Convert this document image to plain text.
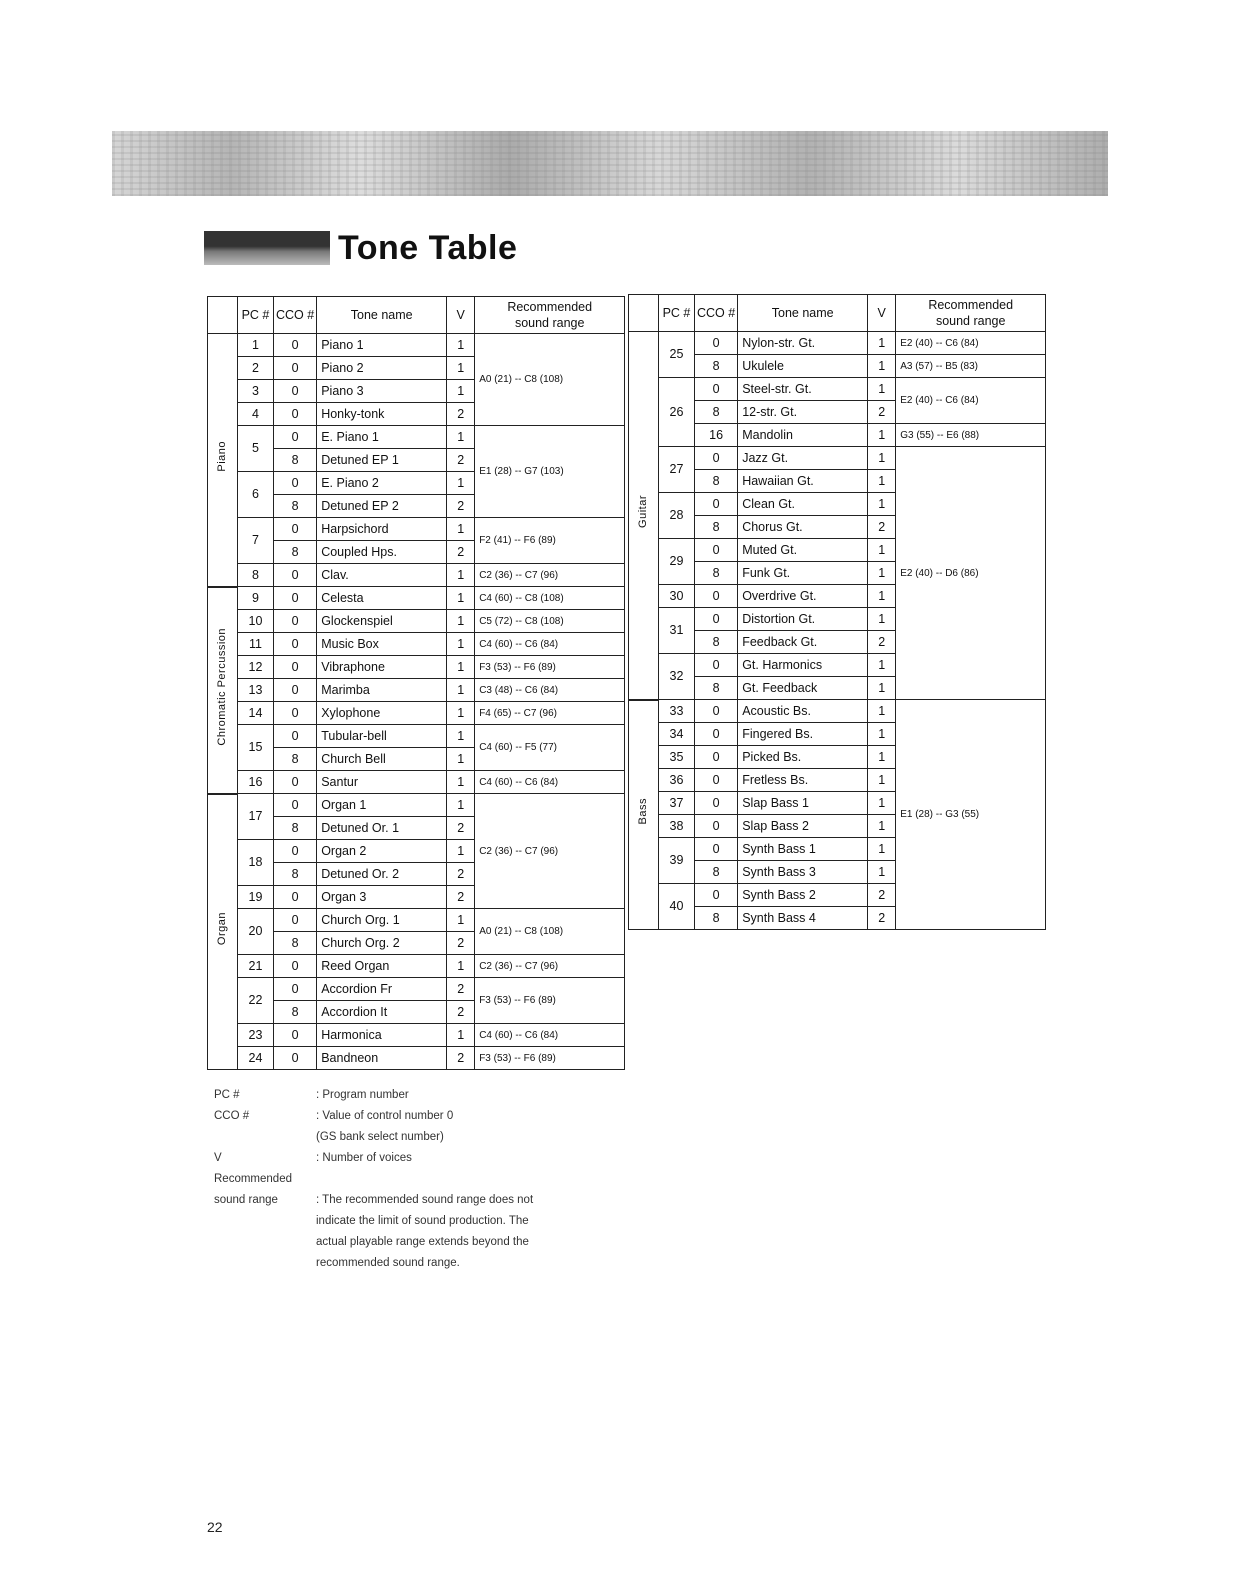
Tone Table
	PC #	CCO #	Tone name	V	Recommended
sound range

Piano	1	0	Piano 1	1	A0 (21) -- C8 (108)
	2	0	Piano 2	1	
	3	0	Piano 3	1	
	4	0	Honky-tonk	2	
	5	0	E. Piano 1	1	E1 (28) -- G7 (103)
		8	Detuned EP 1	2	
	6	0	E. Piano 2	1	
		8	Detuned EP 2	2	
	7	0	Harpsichord	1	F2 (41) -- F6 (89)
		8	Coupled Hps.	2	
	8	0	Clav.	1	C2 (36) -- C7 (96)
Chromatic Percussion	9	0	Celesta	1	C4 (60) -- C8 (108)
	10	0	Glockenspiel	1	C5 (72) -- C8 (108)
	11	0	Music Box	1	C4 (60) -- C6 (84)
	12	0	Vibraphone	1	F3 (53) -- F6 (89)
	13	0	Marimba	1	C3 (48) -- C6 (84)
	14	0	Xylophone	1	F4 (65) -- C7 (96)
	15	0	Tubular-bell	1	C4 (60) -- F5 (77)
		8	Church Bell	1	
	16	0	Santur	1	C4 (60) -- C6 (84)
Organ	17	0	Organ 1	1	C2 (36) -- C7 (96)
		8	Detuned Or. 1	2	
	18	0	Organ 2	1	
		8	Detuned Or. 2	2	
	19	0	Organ 3	2	
	20	0	Church Org. 1	1	A0 (21) -- C8 (108)
		8	Church Org. 2	2	
	21	0	Reed Organ	1	C2 (36) -- C7 (96)
	22	0	Accordion Fr	2	F3 (53) -- F6 (89)
		8	Accordion It	2	
	23	0	Harmonica	1	C4 (60) -- C6 (84)
	24	0	Bandneon	2	F3 (53) -- F6 (89)
	PC #	CCO #	Tone name	V	Recommended
sound range

Guitar	25	0	Nylon-str. Gt.	1	E2 (40) -- C6 (84)
		8	Ukulele	1	A3 (57) -- B5 (83)
	26	0	Steel-str. Gt.	1	E2 (40) -- C6 (84)
		8	12-str. Gt.	2	
		16	Mandolin	1	G3 (55) -- E6 (88)
	27	0	Jazz Gt.	1	E2 (40) -- D6 (86)
		8	Hawaiian Gt.	1	
	28	0	Clean Gt.	1	
		8	Chorus Gt.	2	
	29	0	Muted Gt.	1	
		8	Funk Gt.	1	
	30	0	Overdrive Gt.	1	
	31	0	Distortion Gt.	1	
		8	Feedback Gt.	2	
	32	0	Gt. Harmonics	1	
		8	Gt. Feedback	1	
Bass	33	0	Acoustic Bs.	1	E1 (28) -- G3 (55)
	34	0	Fingered Bs.	1	
	35	0	Picked Bs.	1	
	36	0	Fretless Bs.	1	
	37	0	Slap Bass 1	1	
	38	0	Slap Bass 2	1	
	39	0	Synth Bass 1	1	
		8	Synth Bass 3	1	
	40	0	Synth Bass 2	2	
		8	Synth Bass 4	2	
PC #	: Program number
CCO #	: Value of control number 0
(GS bank select number)
V	: Number of voices
Recommended
sound range	: The recommended sound range does not
indicate the limit of sound production. The
actual playable range extends beyond the
recommended sound range.
22
